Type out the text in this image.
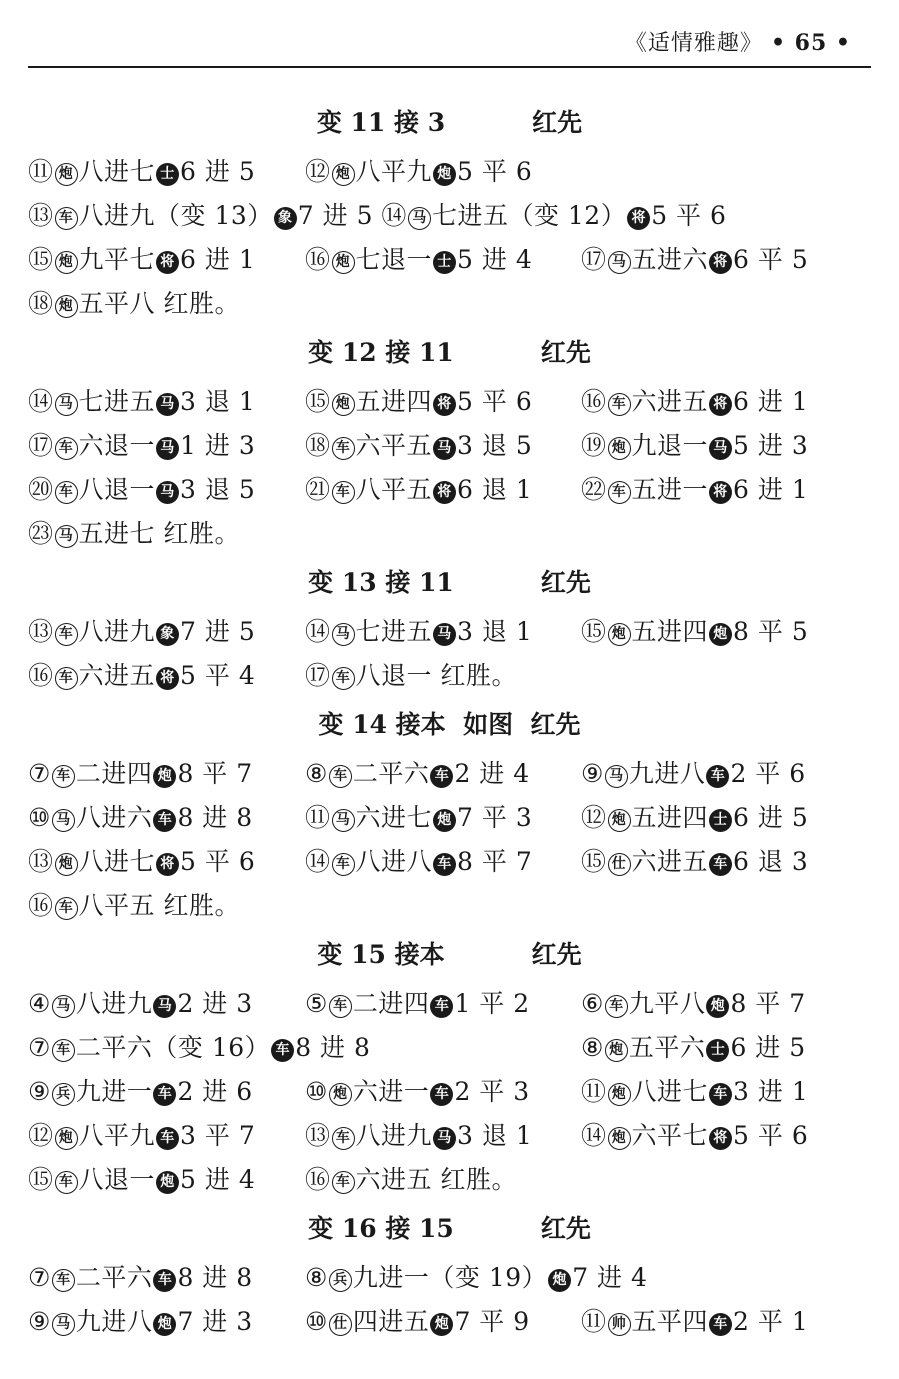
《适情雅趣》 • 65 •
变 11 接 3          红先
⑪ 炮 八进七 士 6 进 5 ⑫ 炮 八平九 炮 5 平 6
⑬ 车 八进九（变 13） 象 7 进 5 ⑭ 马 七进五（变 12） 将 5 平 6
⑮ 炮 九平七 将 6 进 1 ⑯ 炮 七退一 士 5 进 4 ⑰ 马 五进六 将 6 平 5
⑱ 炮 五平八 红胜。
变 12 接 11          红先
⑭ 马 七进五 马 3 退 1 ⑮ 炮 五进四 将 5 平 6 ⑯ 车 六进五 将 6 进 1
⑰ 车 六退一 马 1 进 3 ⑱ 车 六平五 马 3 退 5 ⑲ 炮 九退一 马 5 进 3
⑳ 车 八退一 马 3 退 5 ㉑ 车 八平五 将 6 退 1 ㉒ 车 五进一 将 6 进 1
㉓ 马 五进七 红胜。
变 13 接 11          红先
⑬ 车 八进九 象 7 进 5 ⑭ 马 七进五 马 3 退 1 ⑮ 炮 五进四 炮 8 平 5
⑯ 车 六进五 将 5 平 4 ⑰ 车 八退一 红胜。
变 14 接本  如图  红先
⑦ 车 二进四 炮 8 平 7 ⑧ 车 二平六 车 2 进 4 ⑨ 马 九进八 车 2 平 6
⑩ 马 八进六 车 8 进 8 ⑪ 马 六进七 炮 7 平 3 ⑫ 炮 五进四 士 6 进 5
⑬ 炮 八进七 将 5 平 6 ⑭ 车 八进八 车 8 平 7 ⑮ 仕 六进五 车 6 退 3
⑯ 车 八平五 红胜。
变 15 接本          红先
④ 马 八进九 马 2 进 3 ⑤ 车 二进四 车 1 平 2 ⑥ 车 九平八 炮 8 平 7
⑦ 车 二平六（变 16） 车 8 进 8	⑧ 炮 五平六 士 6 进 5
⑨ 兵 九进一 车 2 进 6 ⑩ 炮 六进一 车 2 平 3 ⑪ 炮 八进七 车 3 进 1
⑫ 炮 八平九 车 3 平 7 ⑬ 车 八进九 马 3 退 1 ⑭ 炮 六平七 将 5 平 6
⑮ 车 八退一 炮 5 进 4 ⑯ 车 六进五 红胜。
变 16 接 15          红先
⑦ 车 二平六 车 8 进 8 ⑧ 兵 九进一（变 19） 炮 7 进 4
⑨ 马 九进八 炮 7 进 3 ⑩ 仕 四进五 炮 7 平 9 ⑪ 帅 五平四 车 2 平 1
